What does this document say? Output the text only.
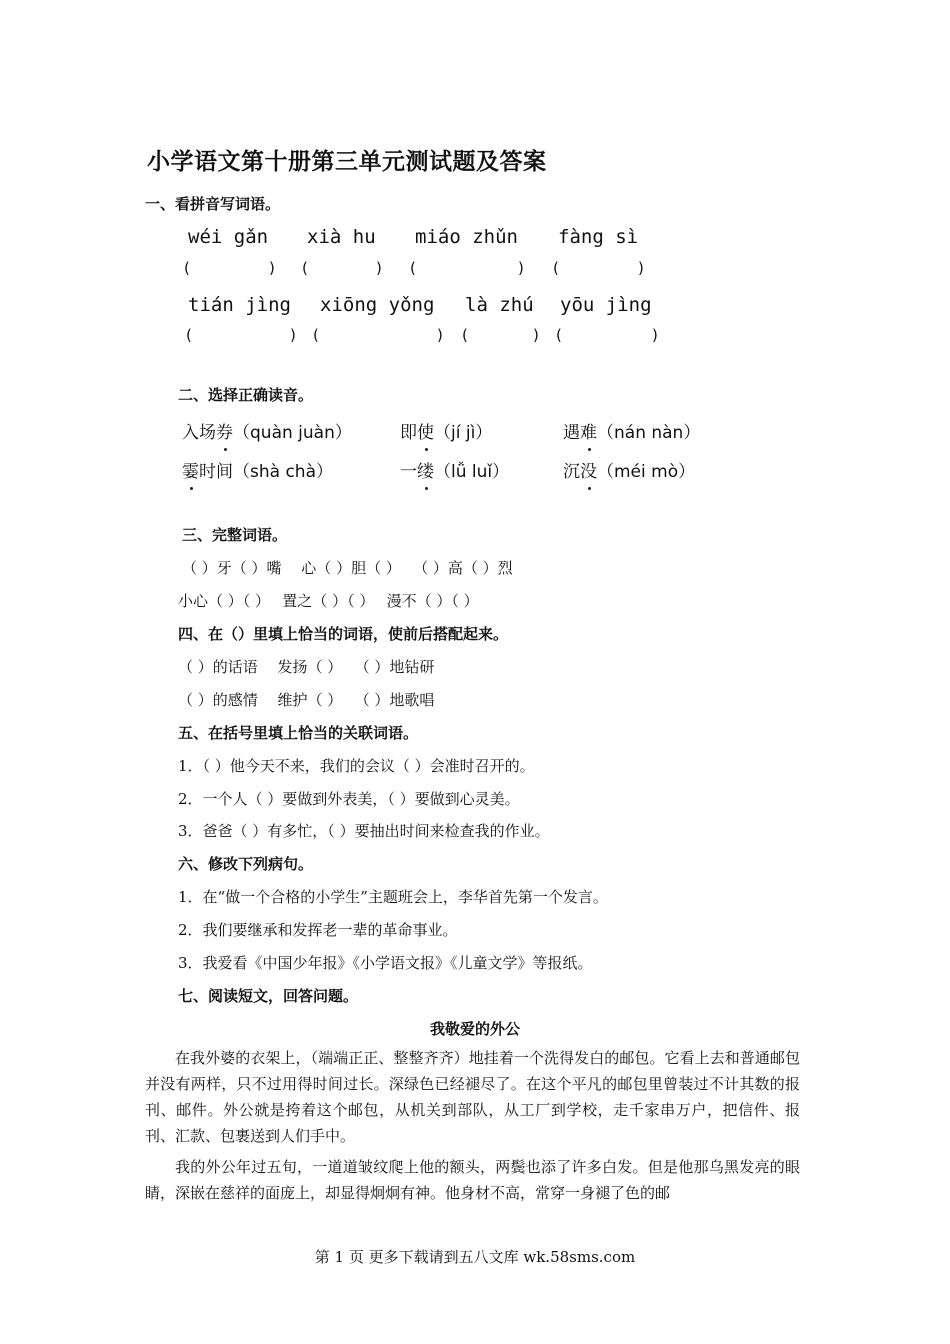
小学语文第十册第三单元测试题及答案
一、看拼音写词语。
wéi gǎn xià hu miáo zhǔn fàng sì
(	) (	) (	) (	)
tián jìng xiōng yǒng là zhú yōu jìng
(	) (	) (	) (	)
二、选择正确读音。
入场券（quàn juàn）	即使（jí jì）	遇难（nán nàn）
霎时间（shà chà）	一缕（lǚ luǐ）	沉没（méi mò）
三、完整词语。
（ ）牙（ ）嘴　 心（ ）胆（ ）　 （ ）高（ ）烈
小心（ ）（ ）　 置之（ ）（ ）　 漫不（ ）（ ）
四、在（）里填上恰当的词语，使前后搭配起来。
（ ）的话语　 发扬（ ）　 （ ）地钻研
（ ）的感情　 维护（ ）　 （ ）地歌唱
五、在括号里填上恰当的关联词语。
1．（ ）他今天不来，我们的会议（ ）会准时召开的。
2．一个人（ ）要做到外表美，（ ）要做到心灵美。
3．爸爸（ ）有多忙，（ ）要抽出时间来检查我的作业。
六、修改下列病句。
1．在“做一个合格的小学生”主题班会上，李华首先第一个发言。
2．我们要继承和发挥老一辈的革命事业。
3．我爱看《中国少年报》《小学语文报》《儿童文学》等报纸。
七、阅读短文，回答问题。
我敬爱的外公
在我外婆的衣架上，（端端正正、整整齐齐）地挂着一个洗得发白的邮包。它看上去和普通邮包并没有两样，只不过用得时间过长。深绿色已经褪尽了。在这个平凡的邮包里曾装过不计其数的报刊、邮件。外公就是挎着这个邮包，从机关到部队，从工厂到学校，走千家串万户，把信件、报刊、汇款、包裹送到人们手中。
我的外公年过五旬，一道道皱纹爬上他的额头，两鬓也添了许多白发。但是他那乌黑发亮的眼睛，深嵌在慈祥的面庞上，却显得炯炯有神。他身材不高，常穿一身褪了色的邮
第 1 页 更多下载请到五八文库 wk.58sms.com
